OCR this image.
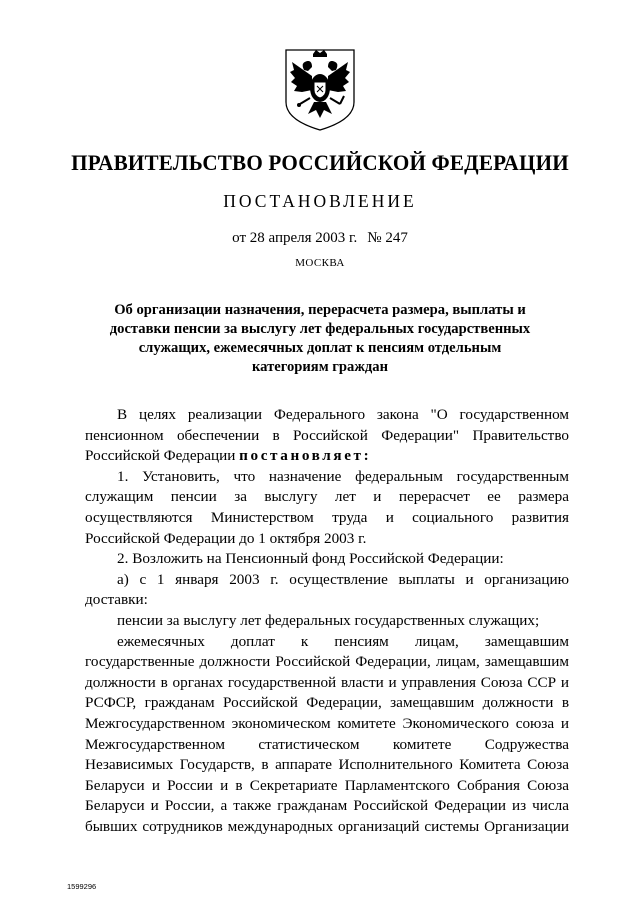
ПРАВИТЕЛЬСТВО РОССИЙСКОЙ ФЕДЕРАЦИИ
ПОСТАНОВЛЕНИЕ
от 28 апреля 2003 г. № 247
МОСКВА
Об организации назначения, перерасчета размера, выплаты и
доставки пенсии за выслугу лет федеральных государственных
служащих, ежемесячных доплат к пенсиям отдельным
категориям граждан

В целях реализации Федерального закона "О государственном пенсионном обеспечении в Российской Федерации" Правительство Российской Федерации постановляет:

1. Установить, что назначение федеральным государственным служащим пенсии за выслугу лет и перерасчет ее размера осуществляются Министерством труда и социального развития Российской Федерации до 1 октября 2003 г.

2. Возложить на Пенсионный фонд Российской Федерации:

а) с 1 января 2003 г. осуществление выплаты и организацию доставки:

пенсии за выслугу лет федеральных государственных служащих;

ежемесячных доплат к пенсиям лицам, замещавшим государственные должности Российской Федерации, лицам, замещавшим должности в органах государственной власти и управления Союза ССР и РСФСР, гражданам Российской Федерации, замещавшим должности в Межгосударственном экономическом комитете Экономического союза и Межгосударственном статистическом комитете Содружества Независимых Государств, в аппарате Исполнительного Комитета Союза Беларуси и России и в Секретариате Парламентского Собрания Союза Беларуси и России, а также гражданам Российской Федерации из числа бывших сотрудников международных организаций системы Организации

1599296
